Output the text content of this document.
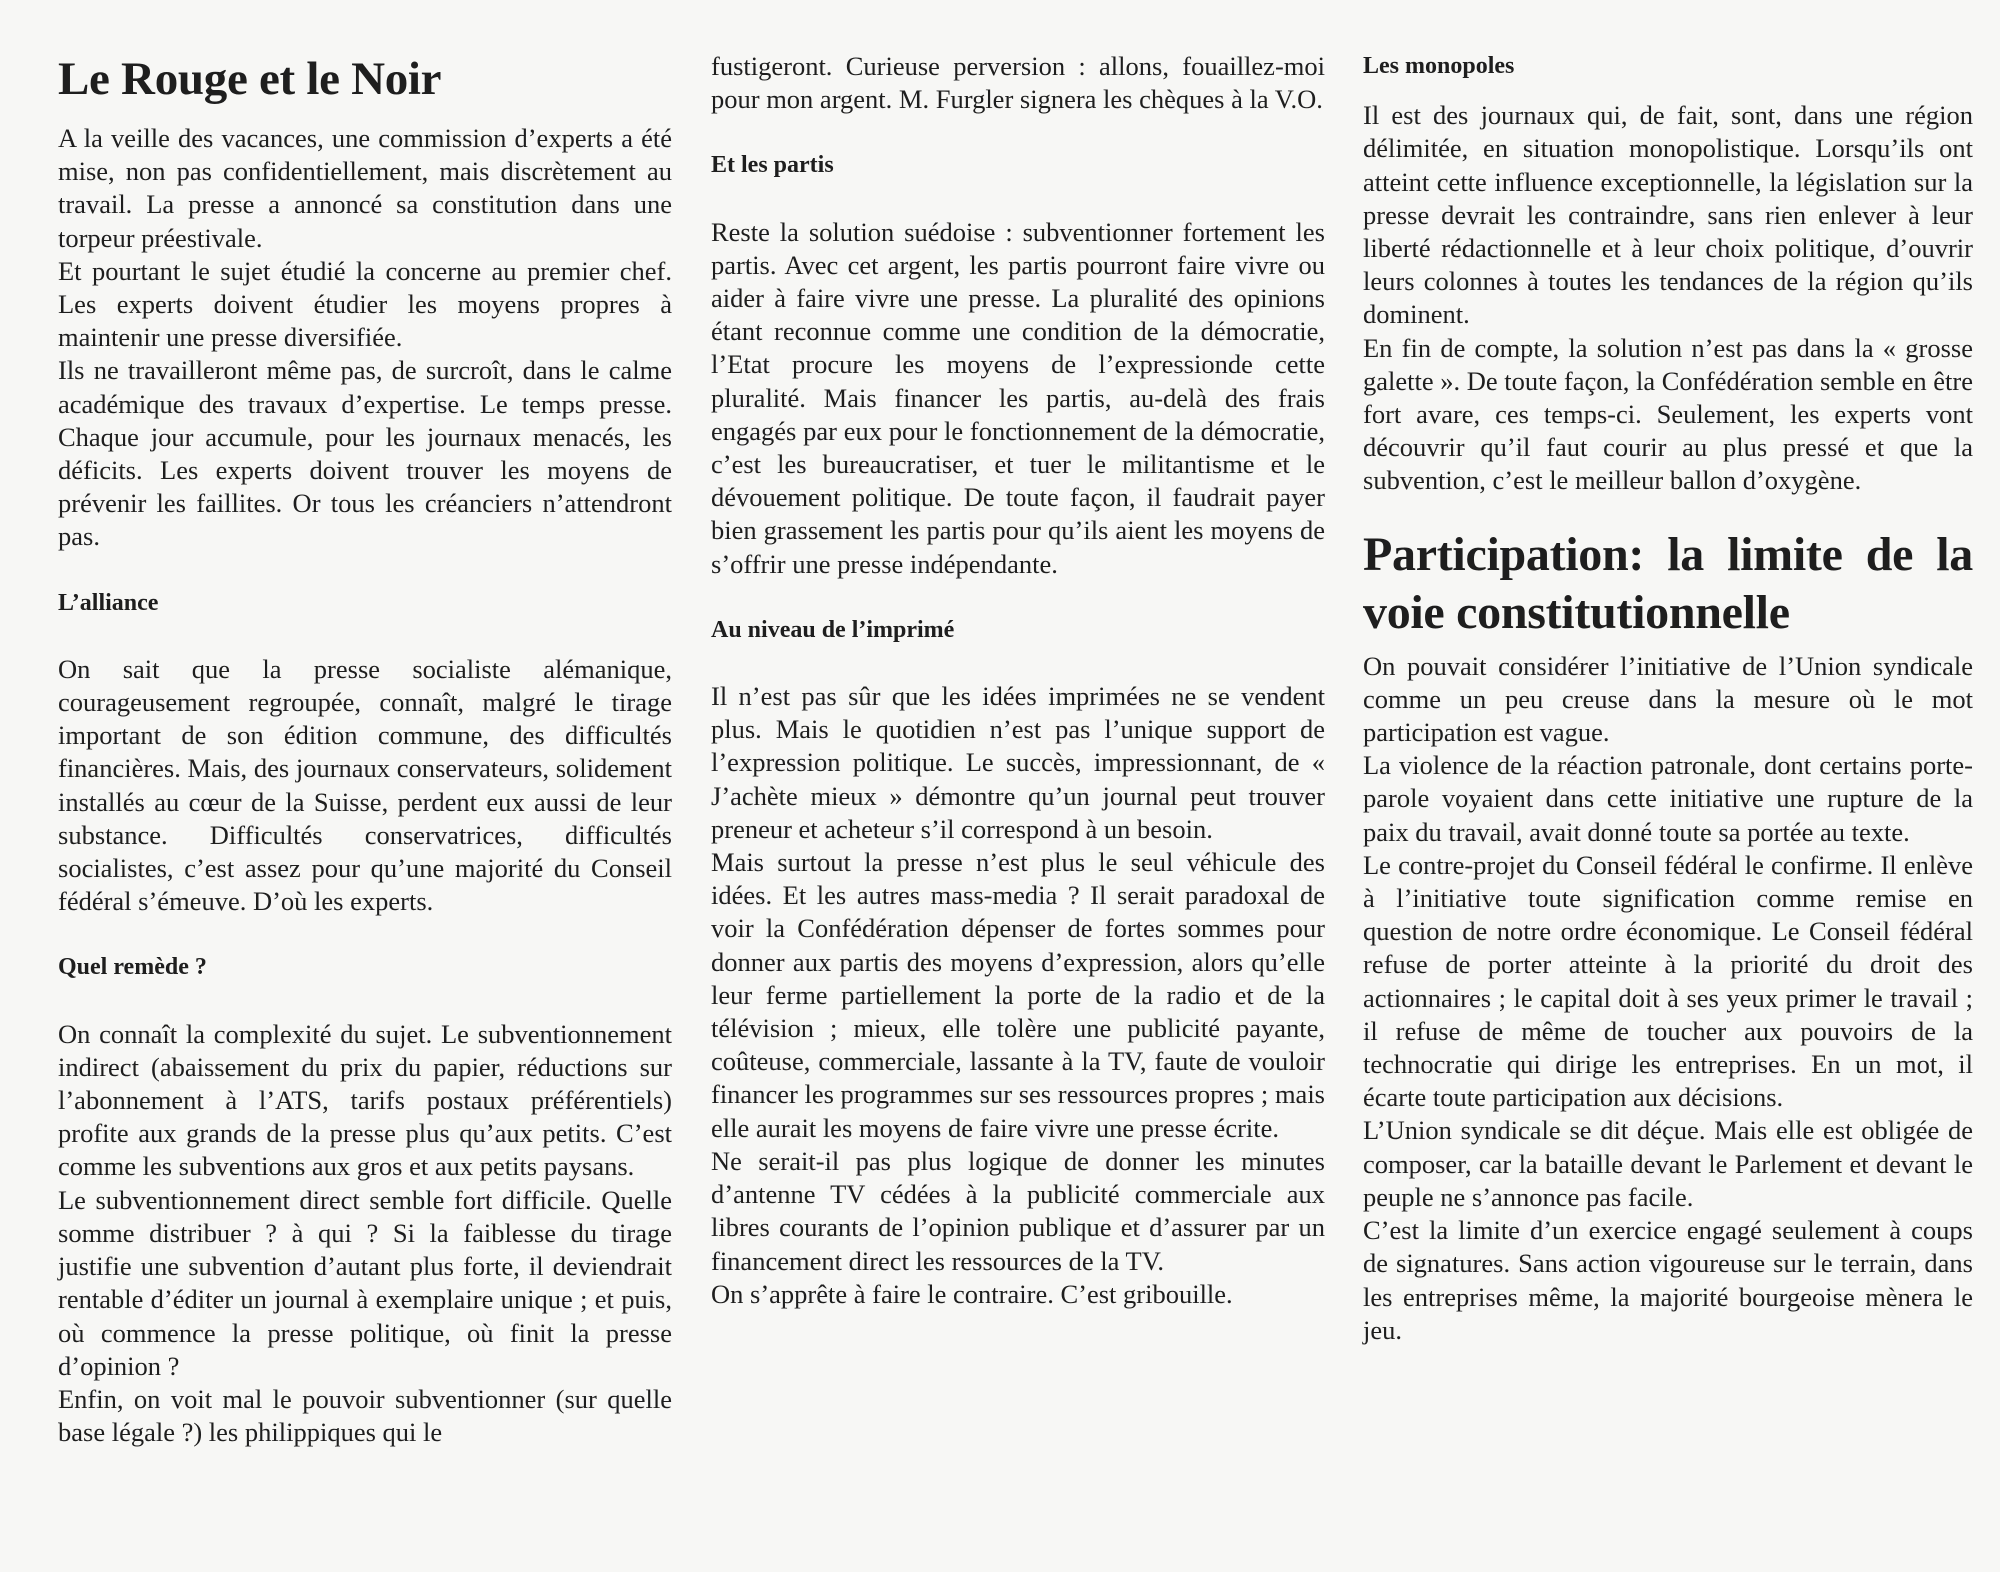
Le Rouge et le Noir

A la veille des vacances, une commission d’experts a été mise, non pas confidentiellement, mais discrètement au travail. La presse a annoncé sa constitution dans une torpeur préestivale.

Et pourtant le sujet étudié la concerne au premier chef. Les experts doivent étudier les moyens propres à maintenir une presse diversifiée.

Ils ne travailleront même pas, de surcroît, dans le calme académique des travaux d’expertise. Le temps presse. Chaque jour accumule, pour les journaux menacés, les déficits. Les experts doivent trouver les moyens de prévenir les faillites. Or tous les créanciers n’attendront pas.

L’alliance

On sait que la presse socialiste alémanique, courageusement regroupée, connaît, malgré le tirage important de son édition commune, des difficultés financières. Mais, des journaux conservateurs, solidement installés au cœur de la Suisse, perdent eux aussi de leur substance. Difficultés conservatrices, difficultés socialistes, c’est assez pour qu’une majorité du Conseil fédéral s’émeuve. D’où les experts.

Quel remède ?

On connaît la complexité du sujet. Le subventionnement indirect (abaissement du prix du papier, réductions sur l’abonnement à l’ATS, tarifs postaux préférentiels) profite aux grands de la presse plus qu’aux petits. C’est comme les subventions aux gros et aux petits paysans.

Le subventionnement direct semble fort difficile. Quelle somme distribuer ? à qui ? Si la faiblesse du tirage justifie une subvention d’autant plus forte, il deviendrait rentable d’éditer un journal à exemplaire unique ; et puis, où commence la presse politique, où finit la presse d’opinion ?

Enfin, on voit mal le pouvoir subventionner (sur quelle base légale ?) les philippiques qui le

fustigeront. Curieuse perversion : allons, fouaillez-moi pour mon argent. M. Furgler signera les chèques à la V.O.

Et les partis

Reste la solution suédoise : subventionner fortement les partis. Avec cet argent, les partis pourront faire vivre ou aider à faire vivre une presse. La pluralité des opinions étant reconnue comme une condition de la démocratie, l’Etat procure les moyens de l’expressionde cette pluralité. Mais financer les partis, au-delà des frais engagés par eux pour le fonctionnement de la démocratie, c’est les bureaucratiser, et tuer le militantisme et le dévouement politique. De toute façon, il faudrait payer bien grassement les partis pour qu’ils aient les moyens de s’offrir une presse indépendante.

Au niveau de l’imprimé

Il n’est pas sûr que les idées imprimées ne se vendent plus. Mais le quotidien n’est pas l’unique support de l’expression politique. Le succès, impressionnant, de « J’achète mieux » démontre qu’un journal peut trouver preneur et acheteur s’il correspond à un besoin.

Mais surtout la presse n’est plus le seul véhicule des idées. Et les autres mass-media ? Il serait paradoxal de voir la Confédération dépenser de fortes sommes pour donner aux partis des moyens d’expression, alors qu’elle leur ferme partiellement la porte de la radio et de la télévision ; mieux, elle tolère une publicité payante, coûteuse, commerciale, lassante à la TV, faute de vouloir financer les programmes sur ses ressources propres ; mais elle aurait les moyens de faire vivre une presse écrite.

Ne serait-il pas plus logique de donner les minutes d’antenne TV cédées à la publicité commerciale aux libres courants de l’opinion publique et d’assurer par un financement direct les ressources de la TV.

On s’apprête à faire le contraire. C’est gribouille.

Les monopoles

Il est des journaux qui, de fait, sont, dans une région délimitée, en situation monopolistique. Lorsqu’ils ont atteint cette influence exceptionnelle, la législation sur la presse devrait les contraindre, sans rien enlever à leur liberté rédactionnelle et à leur choix politique, d’ouvrir leurs colonnes à toutes les tendances de la région qu’ils dominent.

En fin de compte, la solution n’est pas dans la « grosse galette ». De toute façon, la Confédération semble en être fort avare, ces temps-ci. Seulement, les experts vont découvrir qu’il faut courir au plus pressé et que la subvention, c’est le meilleur ballon d’oxygène.

Participation: la limite de la voie constitutionnelle

On pouvait considérer l’initiative de l’Union syndicale comme un peu creuse dans la mesure où le mot participation est vague.

La violence de la réaction patronale, dont certains porte-parole voyaient dans cette initiative une rupture de la paix du travail, avait donné toute sa portée au texte.

Le contre-projet du Conseil fédéral le confirme. Il enlève à l’initiative toute signification comme remise en question de notre ordre économique. Le Conseil fédéral refuse de porter atteinte à la priorité du droit des actionnaires ; le capital doit à ses yeux primer le travail ; il refuse de même de toucher aux pouvoirs de la technocratie qui dirige les entreprises. En un mot, il écarte toute participation aux décisions.

L’Union syndicale se dit déçue. Mais elle est obligée de composer, car la bataille devant le Parlement et devant le peuple ne s’annonce pas facile.

C’est la limite d’un exercice engagé seulement à coups de signatures. Sans action vigoureuse sur le terrain, dans les entreprises même, la majorité bourgeoise mènera le jeu.
